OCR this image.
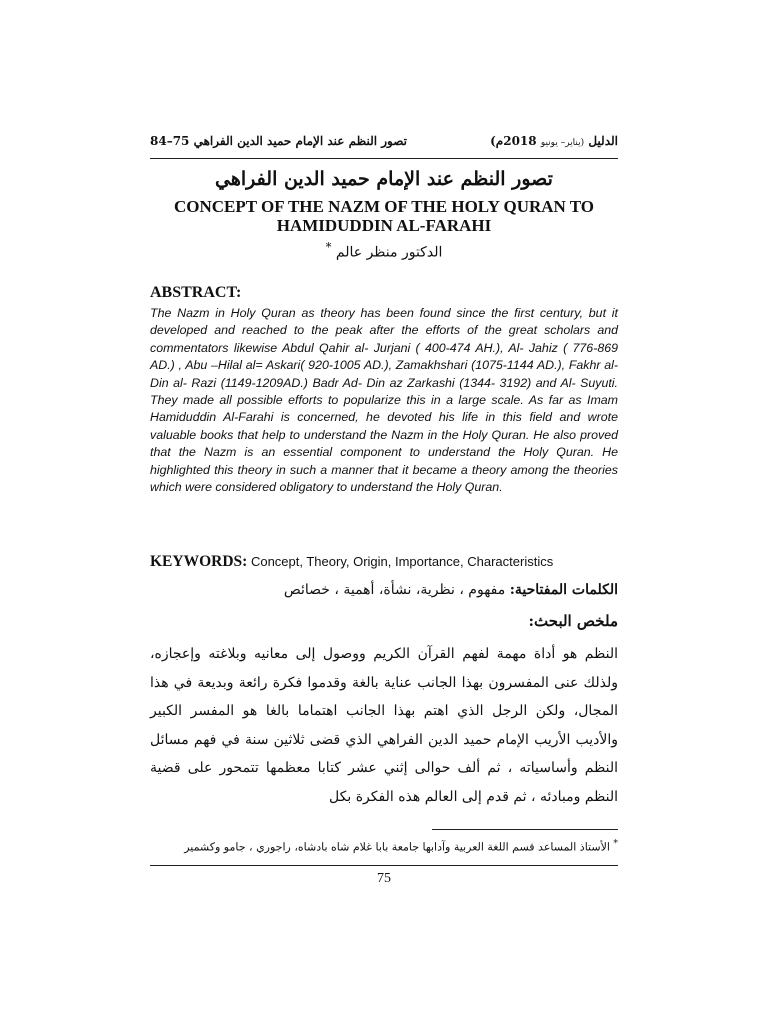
تصور النظم عند الإمام حميد الدين الفراهي 75–84	الدليل (يناير– يونيو 2018م)
تصور النظم عند الإمام حميد الدين الفراهي
CONCEPT OF THE NAZM OF THE HOLY QURAN TO
HAMIDUDDIN AL-FARAHI
الدكتور منظر عالم *
ABSTRACT:
The Nazm in Holy Quran as theory has been found since the first century, but it developed and reached to the peak after the efforts of the great scholars and commentators likewise Abdul Qahir al- Jurjani ( 400-474 AH.), Al- Jahiz ( 776-869 AD.) , Abu –Hilal al= Askari( 920-1005 AD.), Zamakhshari (1075-1144 AD.), Fakhr al- Din al- Razi (1149-1209AD.) Badr Ad- Din az Zarkashi (1344- 3192) and Al- Suyuti. They made all possible efforts to popularize this in a large scale. As far as Imam Hamiduddin Al-Farahi is concerned, he devoted his life in this field and wrote valuable books that help to understand the Nazm in the Holy Quran. He also proved that the Nazm is an essential component to understand the Holy Quran. He highlighted this theory in such a manner that it became a theory among the theories which were considered obligatory to understand the Holy Quran.
KEYWORDS: Concept, Theory, Origin, Importance, Characteristics
الكلمات المفتاحية: مفهوم ، نظرية، نشأة، أهمية ، خصائص
ملخص البحث:
النظم هو أداة مهمة لفهم القرآن الكريم ووصول إلى معانيه وبلاغته وإعجازه، ولذلك عنى المفسرون بهذا الجانب عناية بالغة وقدموا فكرة رائعة وبديعة في هذا المجال، ولكن الرجل الذي اهتم بهذا الجانب اهتماما بالغا هو المفسر الكبير والأديب الأريب الإمام حميد الدين الفراهي الذي قضى ثلاثين سنة في فهم مسائل النظم وأساسياته ، ثم ألف حوالى إثني عشر كتابا معظمها تتمحور على قضية النظم ومبادئه ، ثم قدم إلى العالم هذه الفكرة بكل
* الأستاذ المساعد قسم اللغة العربية وآدابها جامعة بابا غلام شاه بادشاه، راجوري ، جامو وكشمير
75
